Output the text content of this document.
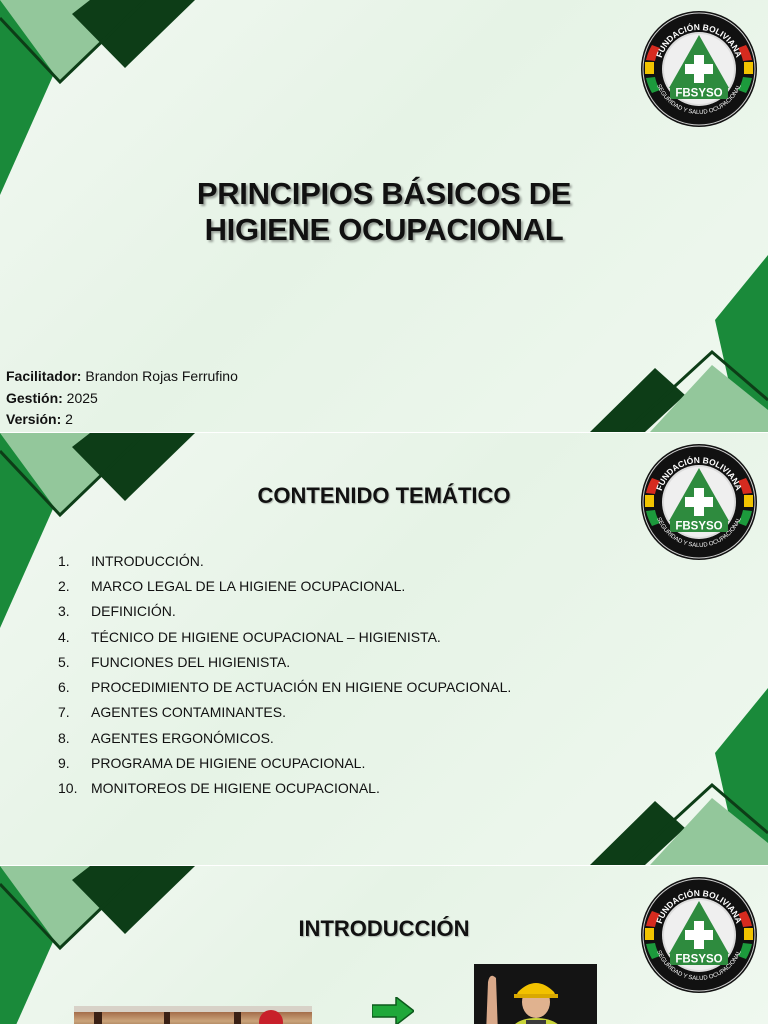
FUNDACIÓN BOLIVIANA
SEGURIDAD Y SALUD OCUPACIONAL
FBSYSO
PRINCIPIOS BÁSICOS DE
HIGIENE OCUPACIONAL
Facilitador: Brandon Rojas Ferrufino
Gestión: 2025
Versión: 2
FUNDACIÓN BOLIVIANA
SEGURIDAD Y SALUD OCUPACIONAL
FBSYSO
CONTENIDO TEMÁTICO
1.	INTRODUCCIÓN.
2.	MARCO LEGAL DE LA HIGIENE OCUPACIONAL.
3.	DEFINICIÓN.
4.	TÉCNICO DE HIGIENE OCUPACIONAL – HIGIENISTA.
5.	FUNCIONES DEL HIGIENISTA.
6.	PROCEDIMIENTO DE ACTUACIÓN EN HIGIENE OCUPACIONAL.
7.	AGENTES CONTAMINANTES.
8.	AGENTES ERGONÓMICOS.
9.	PROGRAMA DE HIGIENE OCUPACIONAL.
10. MONITOREOS DE HIGIENE OCUPACIONAL.
FUNDACIÓN BOLIVIANA
SEGURIDAD Y SALUD OCUPACIONAL
FBSYSO
INTRODUCCIÓN
